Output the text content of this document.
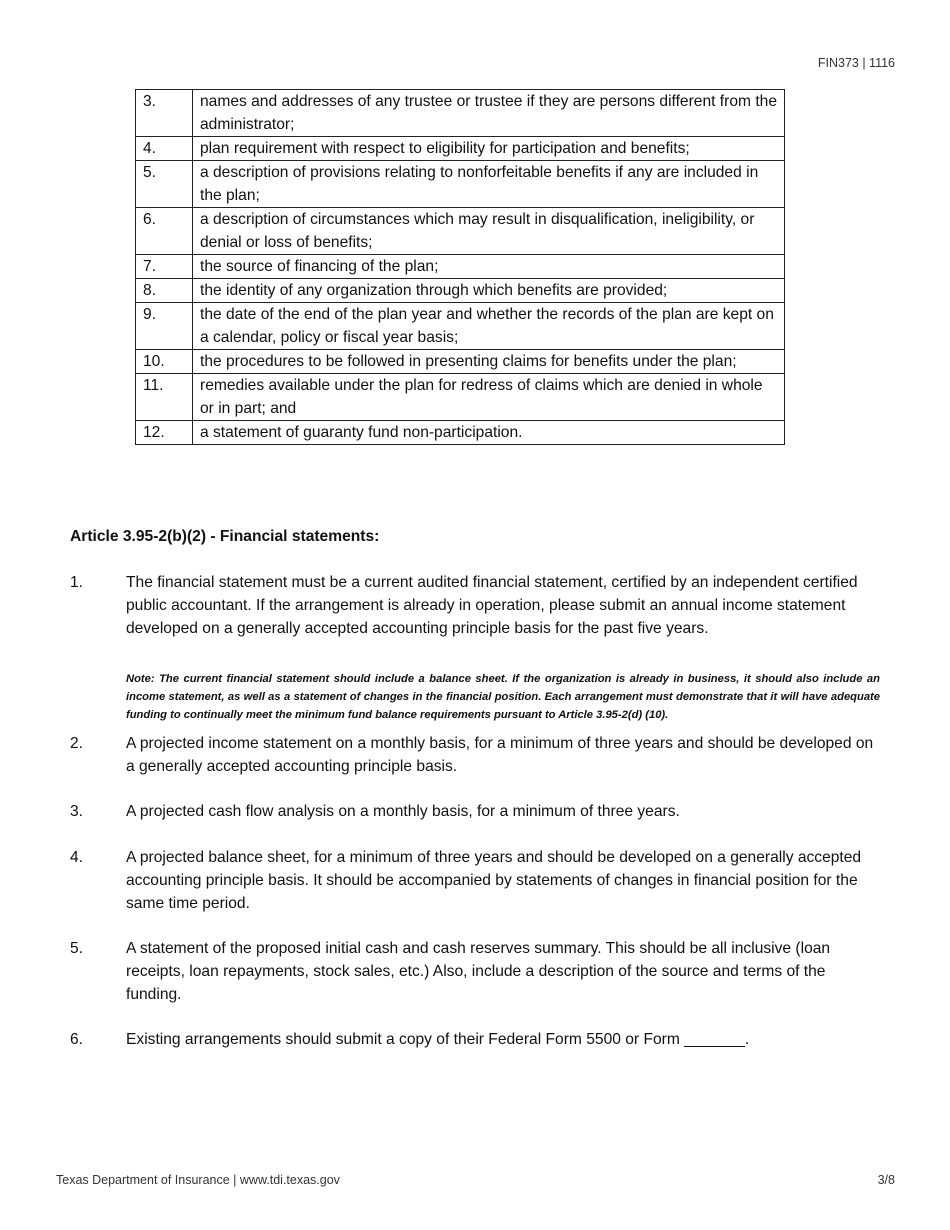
FIN373 | 1116
3.	names and addresses of any trustee or trustee if they are persons different from the administrator;
4.	plan requirement with respect to eligibility for participation and benefits;
5.	a description of provisions relating to nonforfeitable benefits if any are included in the plan;
6.	a description of circumstances which may result in disqualification, ineligibility, or denial or loss of benefits;
7.	the source of financing of the plan;
8.	the identity of any organization through which benefits are provided;
9.	the date of the end of the plan year and whether the records of the plan are kept on a calendar, policy or fiscal year basis;
10.	the procedures to be followed in presenting claims for benefits under the plan;
11.	remedies available under the plan for redress of claims which are denied in whole or in part; and
12.	a statement of guaranty fund non-participation.
Article 3.95-2(b)(2) - Financial statements:
1.	The financial statement must be a current audited financial statement, certified by an independent certified public accountant. If the arrangement is already in operation, please submit an annual income statement developed on a generally accepted accounting principle basis for the past five years.
Note: The current financial statement should include a balance sheet. If the organization is already in business, it should also include an income statement, as well as a statement of changes in the financial position. Each arrangement must demonstrate that it will have adequate funding to continually meet the minimum fund balance requirements pursuant to Article 3.95-2(d) (10).
2.	A projected income statement on a monthly basis, for a minimum of three years and should be developed on a generally accepted accounting principle basis.
3.	A projected cash flow analysis on a monthly basis, for a minimum of three years.
4.	A projected balance sheet, for a minimum of three years and should be developed on a generally accepted accounting principle basis. It should be accompanied by statements of changes in financial position for the same time period.
5.	A statement of the proposed initial cash and cash reserves summary. This should be all inclusive (loan receipts, loan repayments, stock sales, etc.) Also, include a description of the source and terms of the funding.
6.	Existing arrangements should submit a copy of their Federal Form 5500 or Form _______.
Texas Department of Insurance | www.tdi.texas.gov	3/8
